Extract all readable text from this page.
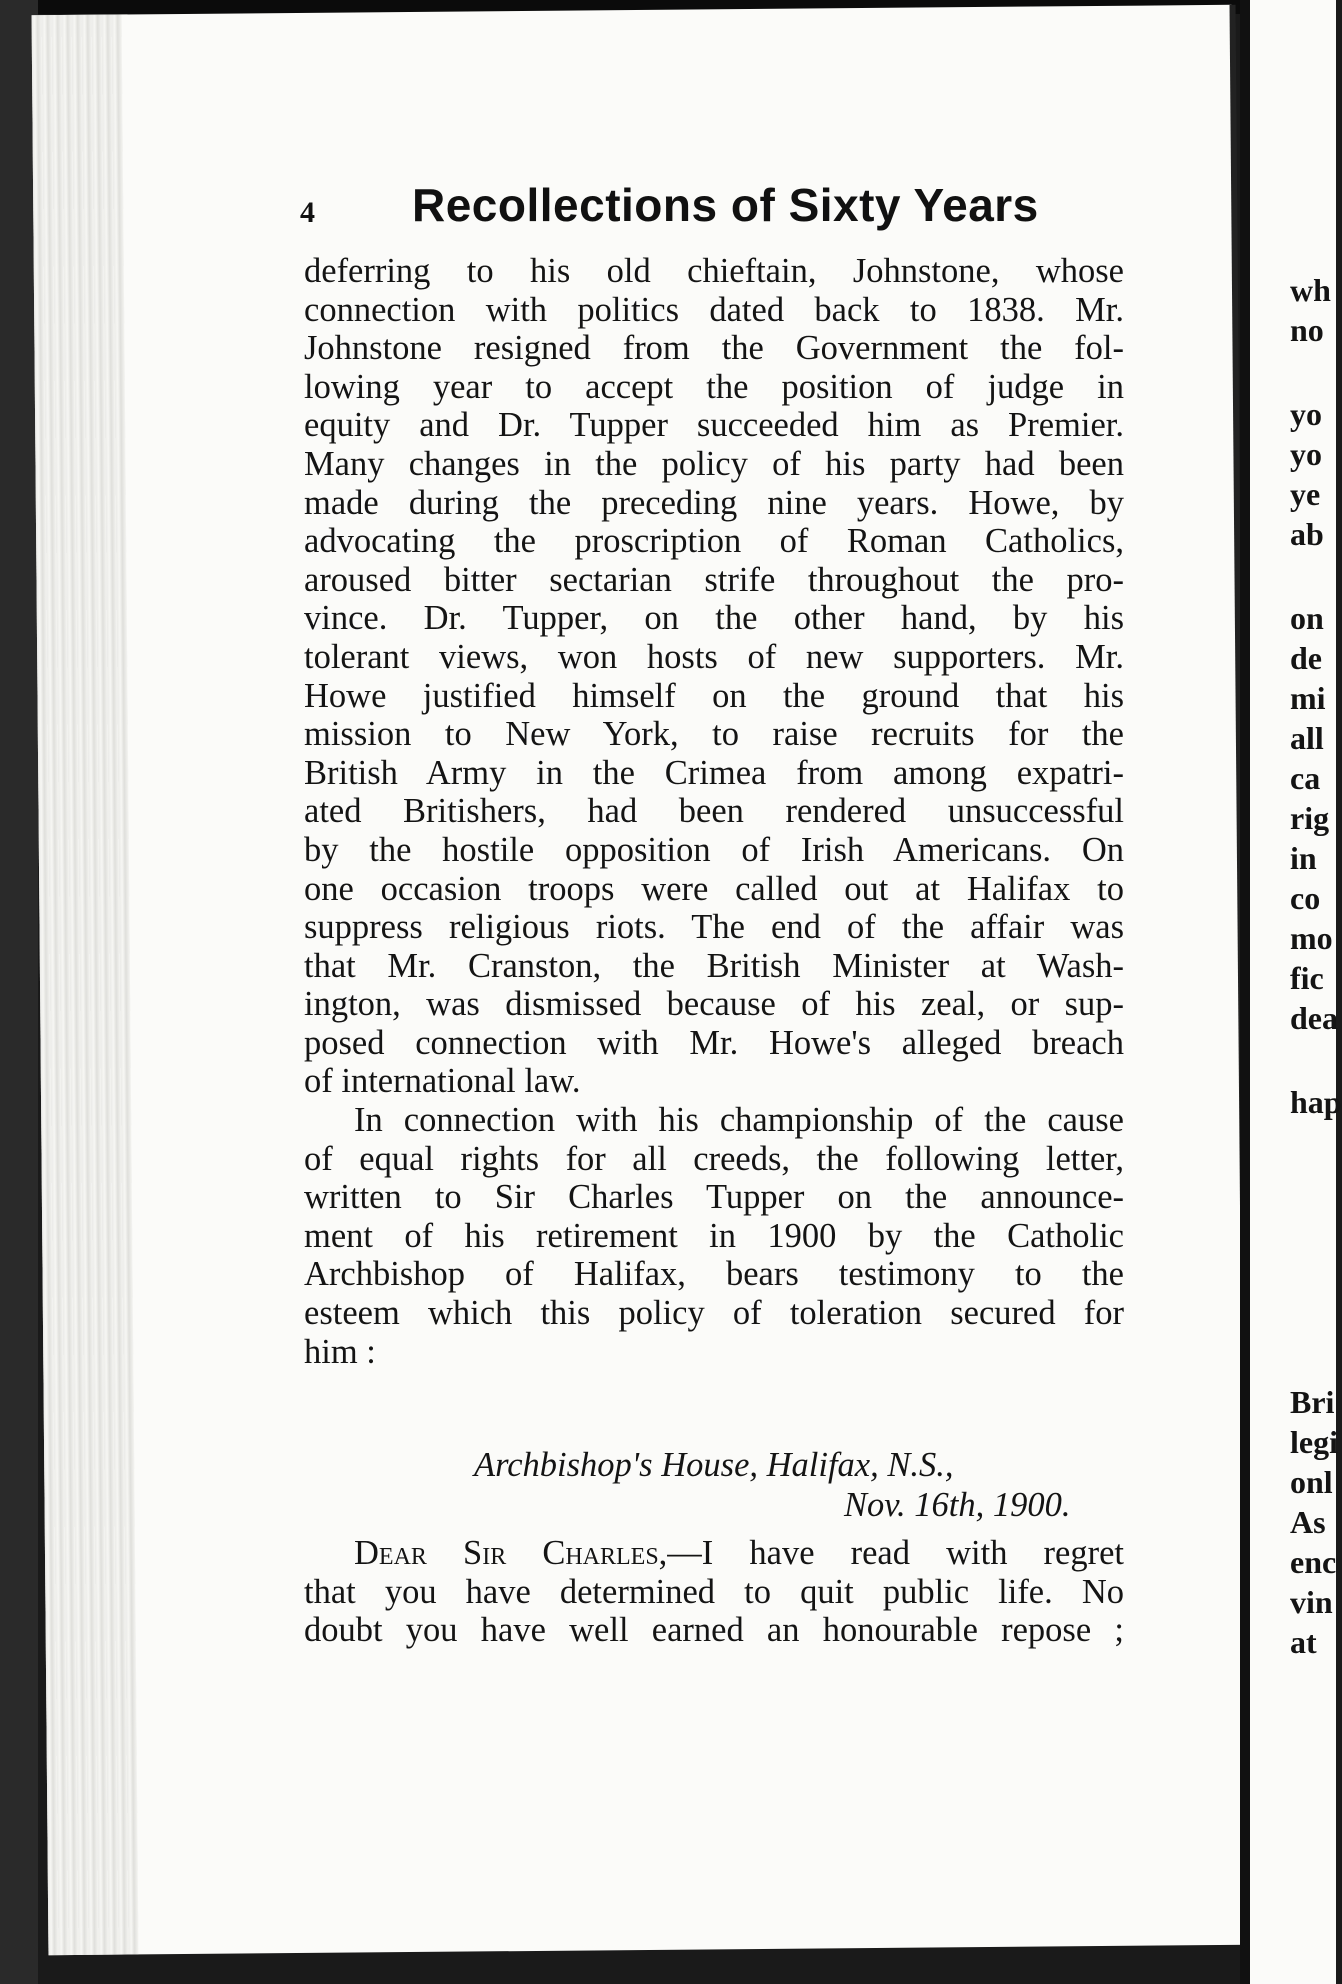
4 Recollections of Sixty Years
deferring to his old chieftain, Johnstone, whose
connection with politics dated back to 1838. Mr.
Johnstone resigned from the Government the fol-
lowing year to accept the position of judge in
equity and Dr. Tupper succeeded him as Premier.
Many changes in the policy of his party had been
made during the preceding nine years. Howe, by
advocating the proscription of Roman Catholics,
aroused bitter sectarian strife throughout the pro-
vince. Dr. Tupper, on the other hand, by his
tolerant views, won hosts of new supporters. Mr.
Howe justified himself on the ground that his
mission to New York, to raise recruits for the
British Army in the Crimea from among expatri-
ated Britishers, had been rendered unsuccessful
by the hostile opposition of Irish Americans. On
one occasion troops were called out at Halifax to
suppress religious riots. The end of the affair was
that Mr. Cranston, the British Minister at Wash-
ington, was dismissed because of his zeal, or sup-
posed connection with Mr. Howe's alleged breach
of international law.
In connection with his championship of the cause
of equal rights for all creeds, the following letter,
written to Sir Charles Tupper on the announce-
ment of his retirement in 1900 by the Catholic
Archbishop of Halifax, bears testimony to the
esteem which this policy of toleration secured for
him :
Archbishop's House, Halifax, N.S.,
Nov. 16th, 1900.
Dear Sir Charles,—I have read with regret
that you have determined to quit public life. No
doubt you have well earned an honourable repose ;
wh
no
yo
yo
ye
ab
on
de
mi
all
ca
rig
in
co
mo
fic
dea
hap
Bri
legi
onl
As
enc
vin
at
